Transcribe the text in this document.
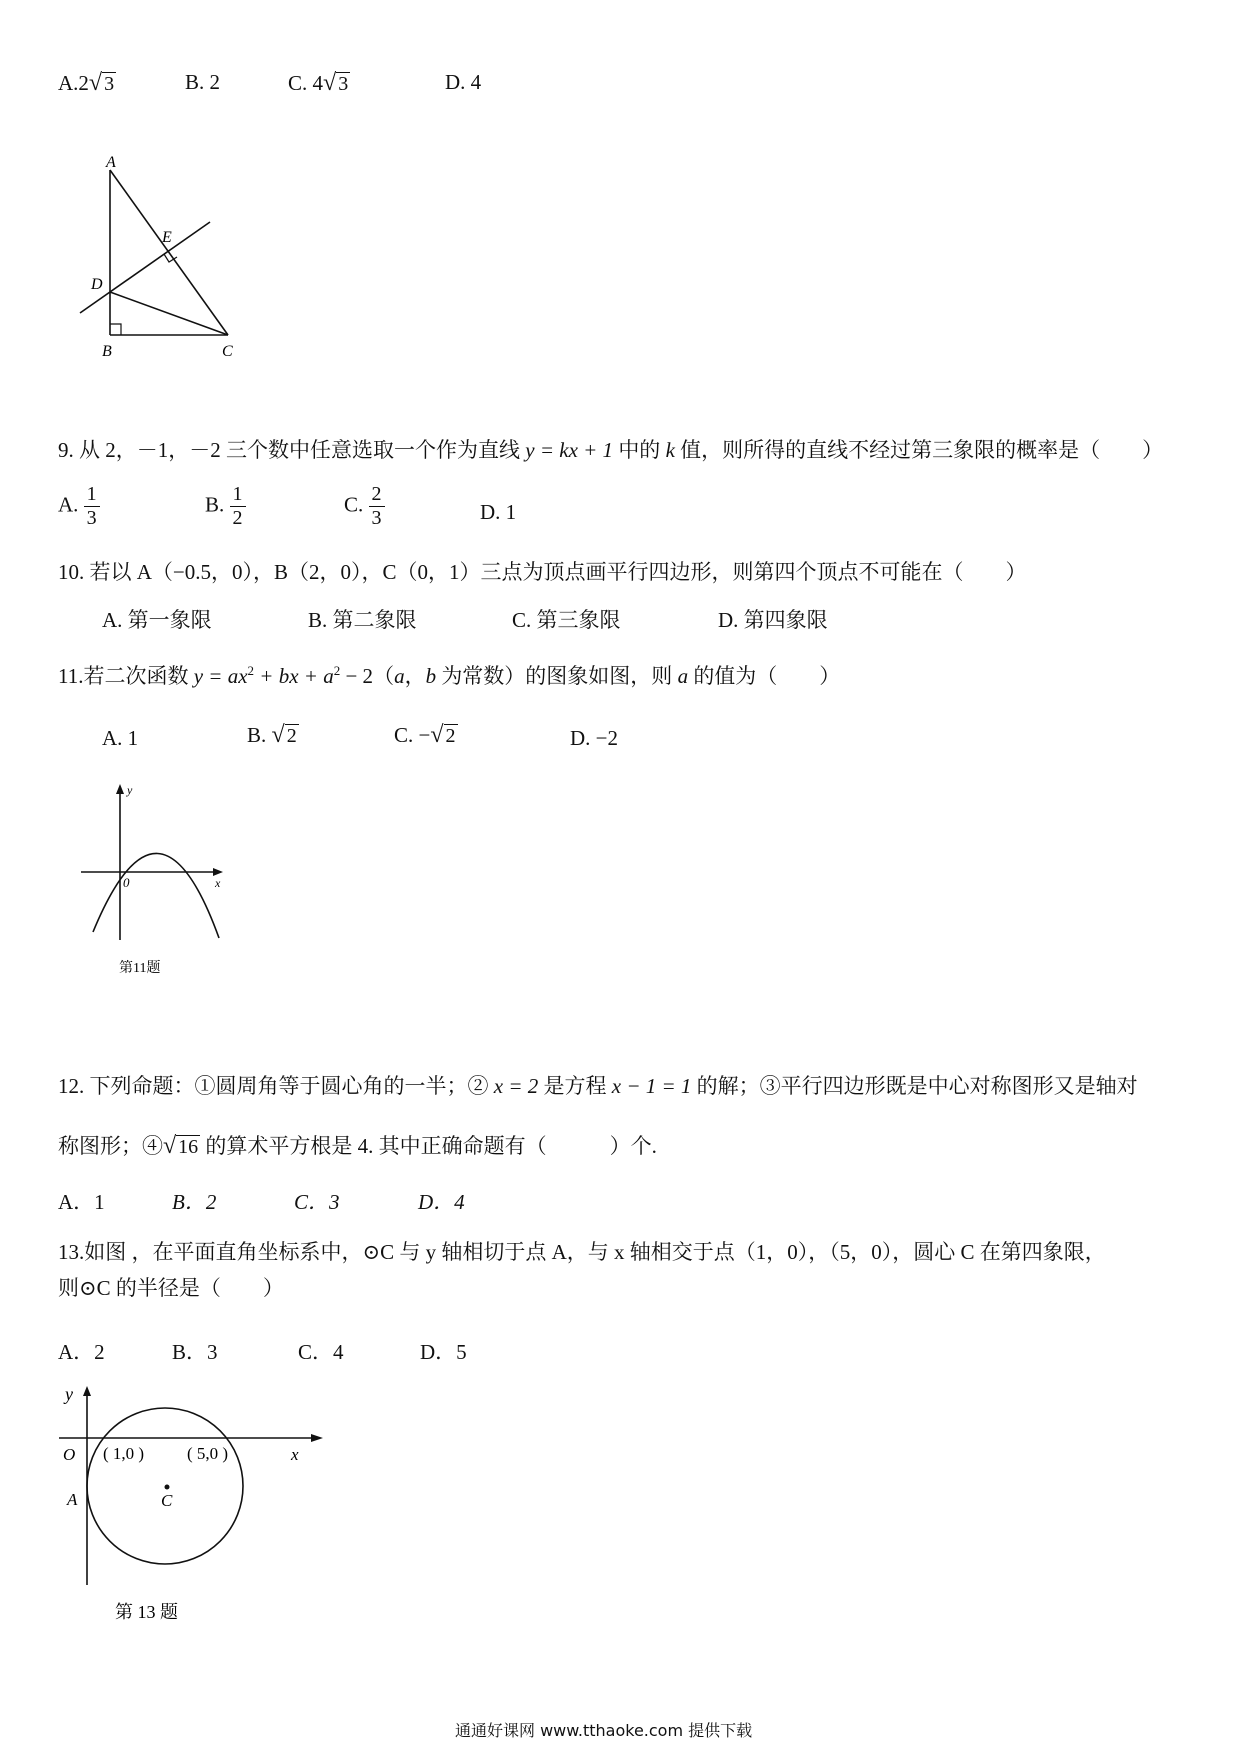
A.2√ 3	B. 2	C. 4√ 3	D. 4
A
E
D
B	C
9. 从 2，－1，－2 三个数中任意选取一个作为直线 y = kx + 1 中的 k 值，则所得的直线不经过第三象限的概率是（　　）
A. $\frac{1}{3}$	B. $\frac{1}{2}$	C. $\frac{2}{3}$	D. 1
10. 若以 A（−0.5，0），B（2，0），C（0，1）三点为顶点画平行四边形，则第四个顶点不可能在（　　）
A. 第一象限	B. 第二象限	C. 第三象限	D. 第四象限
11.若二次函数 $y = ax^2$ + bx + $a^2 - 2(a$，b 为常数）的图象如图，则 a 的值为（　　）
A. 1	B. √ 2	C. −√ 2	D. −2
y
x
0
第11题
12. 下列命题：①圆周角等于圆心角的一半；② x = 2 是方程 x − 1 = 1 的解；③平行四边形既是中心对称图形又是轴对
称图形；④√ 16 的算术平方根是 4. 其中正确命题有（　　　）个.
A．1	B．2	C．3	D．4
13.如图 ，在平面直角坐标系中，⊙C 与 y 轴相切于点 A，与 x 轴相交于点（1，0），（5，0），圆心 C 在第四象限，
则⊙C 的半径是（　　）
A．2	B．3	C．4	D．5
y
x
O
A	C
( 1,0 )	( 5,0 )
第 13 题
通通好课网 www.tthaoke.com 提供下载
